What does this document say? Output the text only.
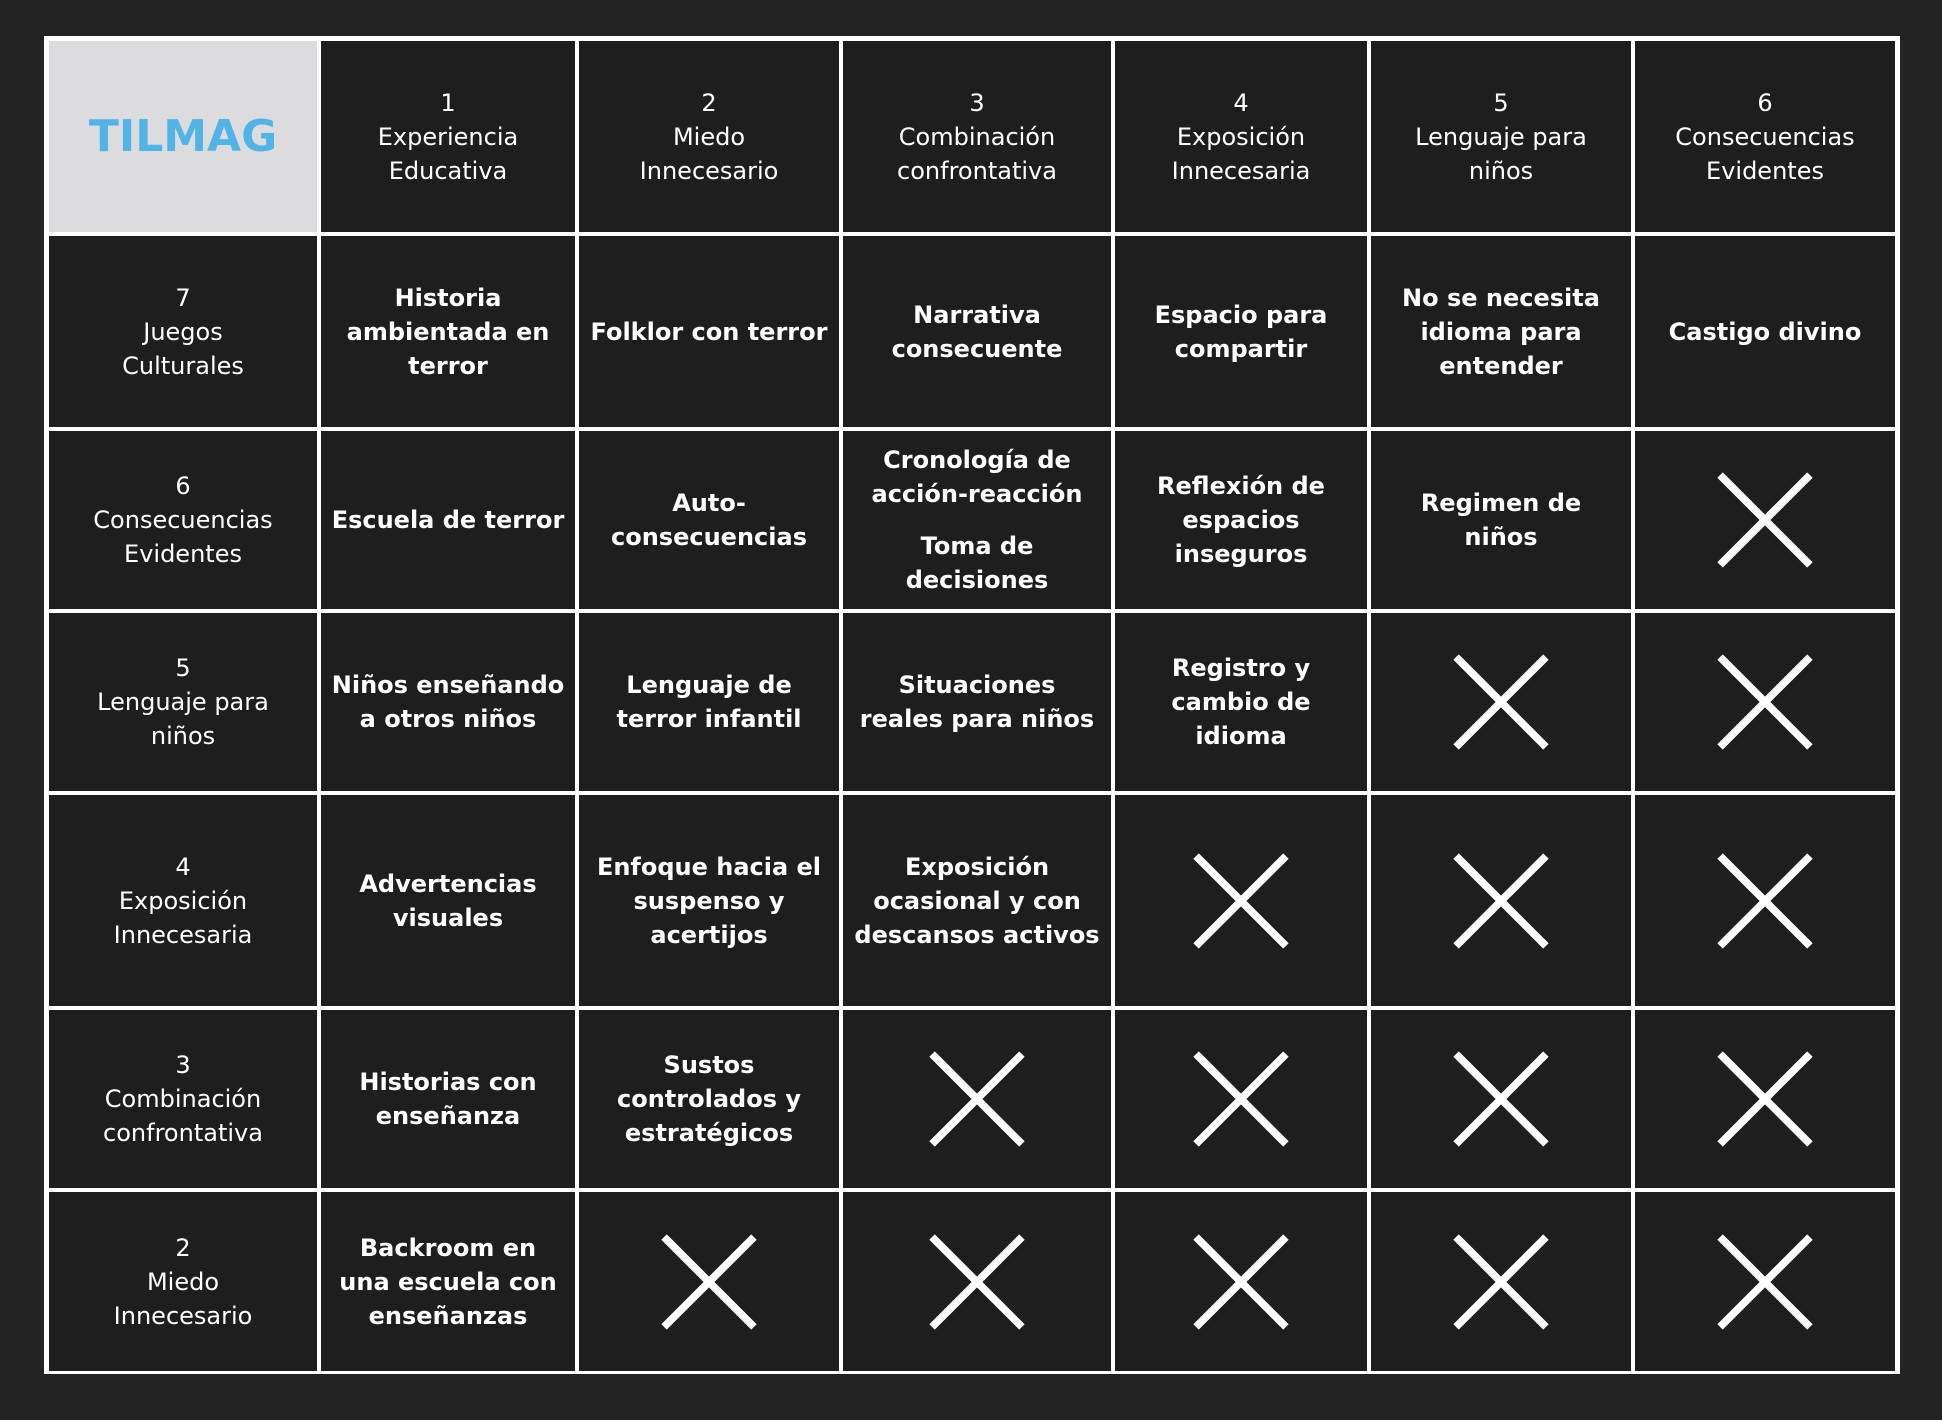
TILMAG
1
Experiencia
Educativa
2
Miedo
Innecesario
3
Combinación
confrontativa
4
Exposición
Innecesaria
5
Lenguaje para
niños
6
Consecuencias
Evidentes
7
Juegos
Culturales
Historia ambientada en terror
Folklor con terror
Narrativa consecuente
Espacio para compartir
No se necesita idioma para entender
Castigo divino
6
Consecuencias
Evidentes
Escuela de terror
Auto-consecuencias
Cronología de acción-reacción
Toma de decisiones
Reflexión de espacios inseguros
Regimen de niños
5
Lenguaje para
niños
Niños enseñando a otros niños
Lenguaje de terror infantil
Situaciones reales para niños
Registro y cambio de idioma
4
Exposición
Innecesaria
Advertencias visuales
Enfoque hacia el suspenso y acertijos
Exposición ocasional y con descansos activos
3
Combinación
confrontativa
Historias con enseñanza
Sustos controlados y estratégicos
2
Miedo
Innecesario
Backroom en una escuela con enseñanzas
